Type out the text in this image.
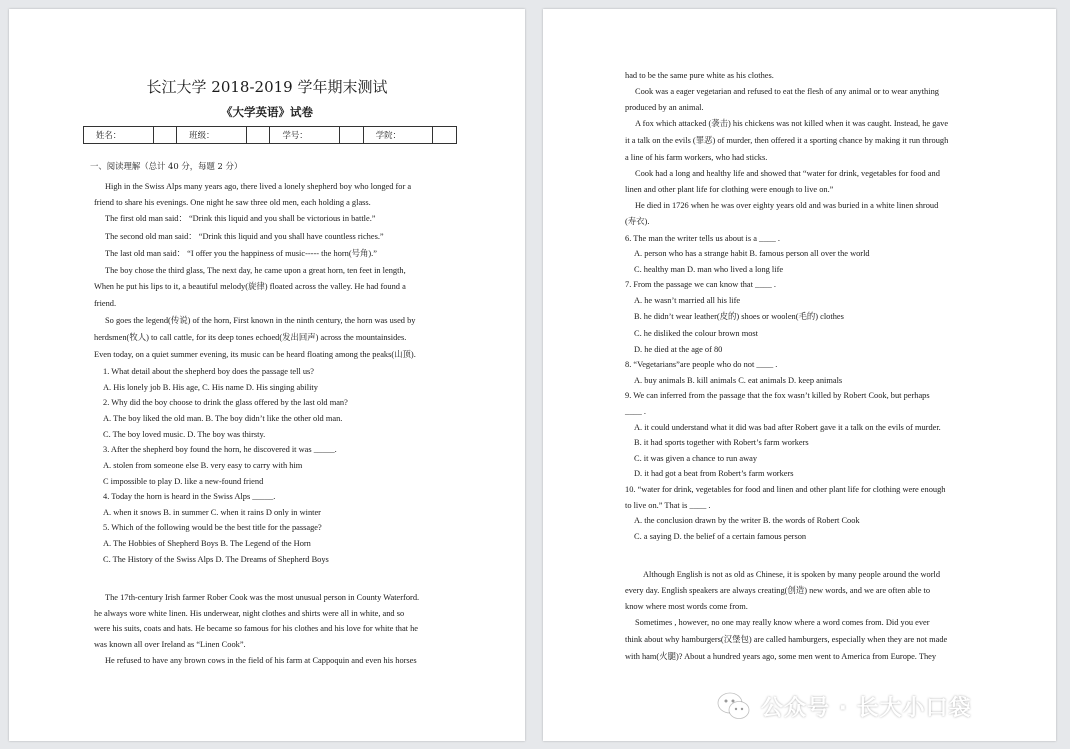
长江大学 2018-2019 学年期末测试
《大学英语》试卷
姓名：		班级：		学号：		学院：	
一、阅读理解（总计 40 分，每题 2 分）
High in the Swiss Alps many years ago, there lived a lonely shepherd boy who longed for a
friend to share his evenings. One night he saw three old men, each holding a glass.
The first old man said： “Drink this liquid and you shall be victorious in battle.”
The second old man said： “Drink this liquid and you shall have countless riches.”
The last old man said： “I offer you the happiness of music----- the horn(号角).”
The boy chose the third glass, The next day, he came upon a great horn, ten feet in length,
When he put his lips to it, a beautiful melody(旋律) floated across the valley. He had found a
friend.
So goes the legend(传说) of the horn, First known in the ninth century, the horn was used by
herdsmen(牧人) to call cattle, for its deep tones echoed(发出回声) across the mountainsides.
Even today, on a quiet summer evening, its music can be heard floating among the peaks(山顶).
1. What detail about the shepherd boy does the passage tell us?
A. His lonely job B. His age, C. His name D. His singing ability
2. Why did the boy choose to drink the glass offered by the last old man?
A. The boy liked the old man. B. The boy didn’t like the other old man.
C. The boy loved music. D. The boy was thirsty.
3. After the shepherd boy found the horn, he discovered it was _____.
A. stolen from someone else B. very easy to carry with him
C impossible to play D. like a new-found friend
4. Today the horn is heard in the Swiss Alps _____.
A. when it snows B. in summer C. when it rains D only in winter
5. Which of the following would be the best title for the passage?
A. The Hobbies of Shepherd Boys B. The Legend of the Horn
C. The History of the Swiss Alps D. The Dreams of Shepherd Boys
The 17th-century Irish farmer Rober Cook was the most unusual person in County Waterford.
he always wore white linen. His underwear, night clothes and shirts were all in white, and so
were his suits, coats and hats. He became so famous for his clothes and his love for white that he
was known all over Ireland as “Linen Cook”.
He refused to have any brown cows in the field of his farm at Cappoquin and even his horses
had to be the same pure white as his clothes.
Cook was a eager vegetarian and refused to eat the flesh of any animal or to wear anything
produced by an animal.
A fox which attacked (袭击) his chickens was not killed when it was caught. Instead, he gave
it a talk on the evils (罪恶) of murder, then offered it a sporting chance by making it run through
a line of his farm workers, who had sticks.
Cook had a long and healthy life and showed that “water for drink, vegetables for food and
linen and other plant life for clothing were enough to live on.”
He died in 1726 when he was over eighty years old and was buried in a white linen shroud
(寿衣).
6. The man the writer tells us about is a ____ .
A. person who has a strange habit B. famous person all over the world
C. healthy man D. man who lived a long life
7. From the passage we can know that ____ .
A. he wasn’t married all his life
B. he didn’t wear leather(皮的) shoes or woolen(毛的) clothes
C. he disliked the colour brown most
D. he died at the age of 80
8. “Vegetarians”are people who do not ____ .
A. buy animals B. kill animals C. eat animals D. keep animals
9. We can inferred from the passage that the fox wasn’t killed by Robert Cook, but perhaps
____ .
A. it could understand what it did was bad after Robert gave it a talk on the evils of murder.
B. it had sports together with Robert’s farm workers
C. it was given a chance to run away
D. it had got a beat from Robert’s farm workers
10. “water for drink, vegetables for food and linen and other plant life for clothing were enough
to live on.” That is ____ .
A. the conclusion drawn by the writer B. the words of Robert Cook
C. a saying D. the belief of a certain famous person
Although English is not as old as Chinese, it is spoken by many people around the world
every day. English speakers are always creating(创造) new words, and we are often able to
know where most words come from.
Sometimes , however, no one may really know where a word comes from. Did you ever
think about why hamburgers(汉堡包) are called hamburgers, especially when they are not made
with ham(火腿)? About a hundred years ago, some men went to America from Europe. They
公众号 · 长大小口袋
